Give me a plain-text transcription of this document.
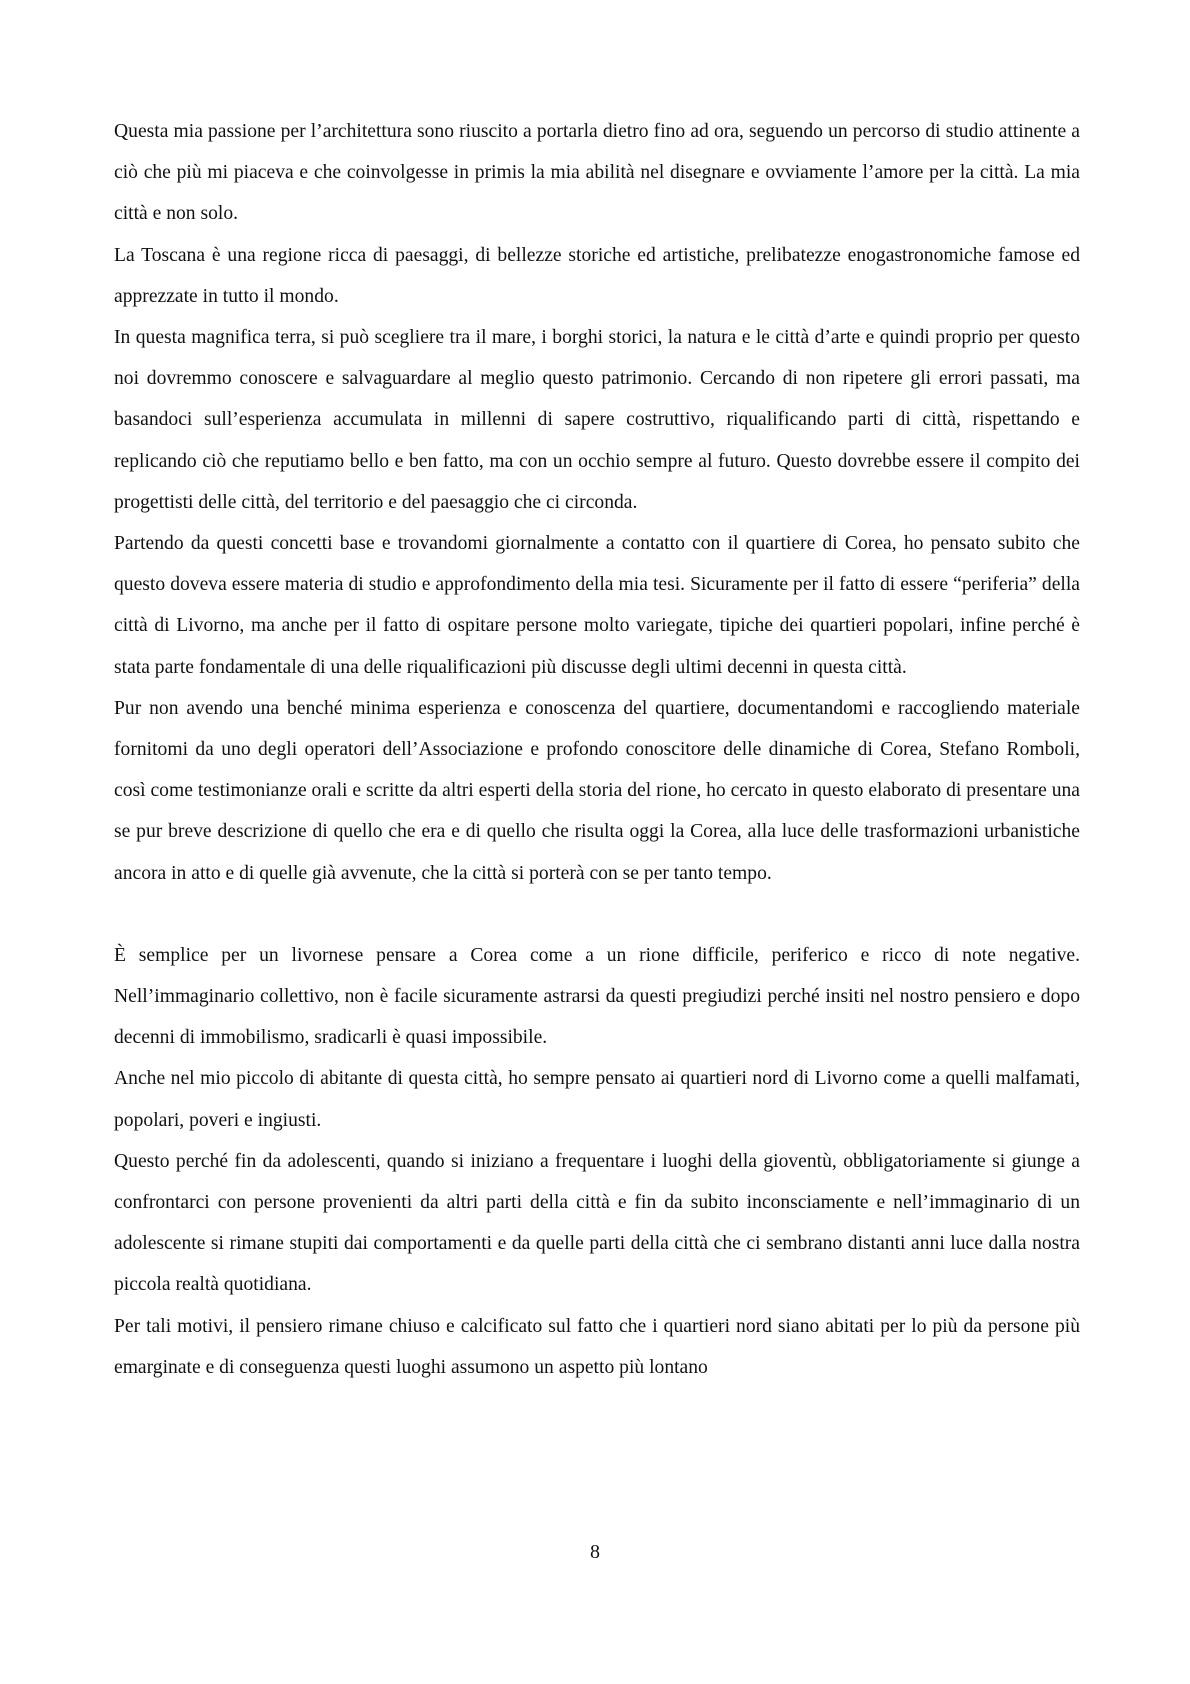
Questa mia passione per l’architettura sono riuscito a portarla dietro fino ad ora, seguendo un percorso di studio attinente a ciò che più mi piaceva e che coinvolgesse in primis la mia abilità nel disegnare e ovviamente l’amore per la città. La mia città e non solo.

La Toscana è una regione ricca di paesaggi, di bellezze storiche ed artistiche, prelibatezze enogastronomiche famose ed apprezzate in tutto il mondo.

In questa magnifica terra, si può scegliere tra il mare, i borghi storici, la natura e le città d’arte e quindi proprio per questo noi dovremmo conoscere e salvaguardare al meglio questo patrimonio. Cercando di non ripetere gli errori passati, ma basandoci sull’esperienza accumulata in millenni di sapere costruttivo, riqualificando parti di città, rispettando e replicando ciò che reputiamo bello e ben fatto, ma con un occhio sempre al futuro. Questo dovrebbe essere il compito dei progettisti delle città, del territorio e del paesaggio che ci circonda.

Partendo da questi concetti base e trovandomi giornalmente a contatto con il quartiere di Corea, ho pensato subito che questo doveva essere materia di studio e approfondimento della mia tesi. Sicuramente per il fatto di essere “periferia” della città di Livorno, ma anche per il fatto di ospitare persone molto variegate, tipiche dei quartieri popolari, infine perché è stata parte fondamentale di una delle riqualificazioni più discusse degli ultimi decenni in questa città.

Pur non avendo una benché minima esperienza e conoscenza del quartiere, documentandomi e raccogliendo materiale fornitomi da uno degli operatori dell’Associazione e profondo conoscitore delle dinamiche di Corea, Stefano Romboli, così come testimonianze orali e scritte da altri esperti della storia del rione, ho cercato in questo elaborato di presentare una se pur breve descrizione di quello che era e di quello che risulta oggi la Corea, alla luce delle trasformazioni urbanistiche ancora in atto e di quelle già avvenute, che la città si porterà con se per tanto tempo.

È semplice per un livornese pensare a Corea come a un rione difficile, periferico e ricco di note negative. Nell’immaginario collettivo, non è facile sicuramente astrarsi da questi pregiudizi perché insiti nel nostro pensiero e dopo decenni di immobilismo, sradicarli è quasi impossibile.

Anche nel mio piccolo di abitante di questa città, ho sempre pensato ai quartieri nord di Livorno come a quelli malfamati, popolari, poveri e ingiusti.

Questo perché fin da adolescenti, quando si iniziano a frequentare i luoghi della gioventù, obbligatoriamente si giunge a confrontarci con persone provenienti da altri parti della città e fin da subito inconsciamente e nell’immaginario di un adolescente si rimane stupiti dai comportamenti e da quelle parti della città che ci sembrano distanti anni luce dalla nostra piccola realtà quotidiana.

Per tali motivi, il pensiero rimane chiuso e calcificato sul fatto che i quartieri nord siano abitati per lo più da persone più emarginate e di conseguenza questi luoghi assumono un aspetto più lontano

8
